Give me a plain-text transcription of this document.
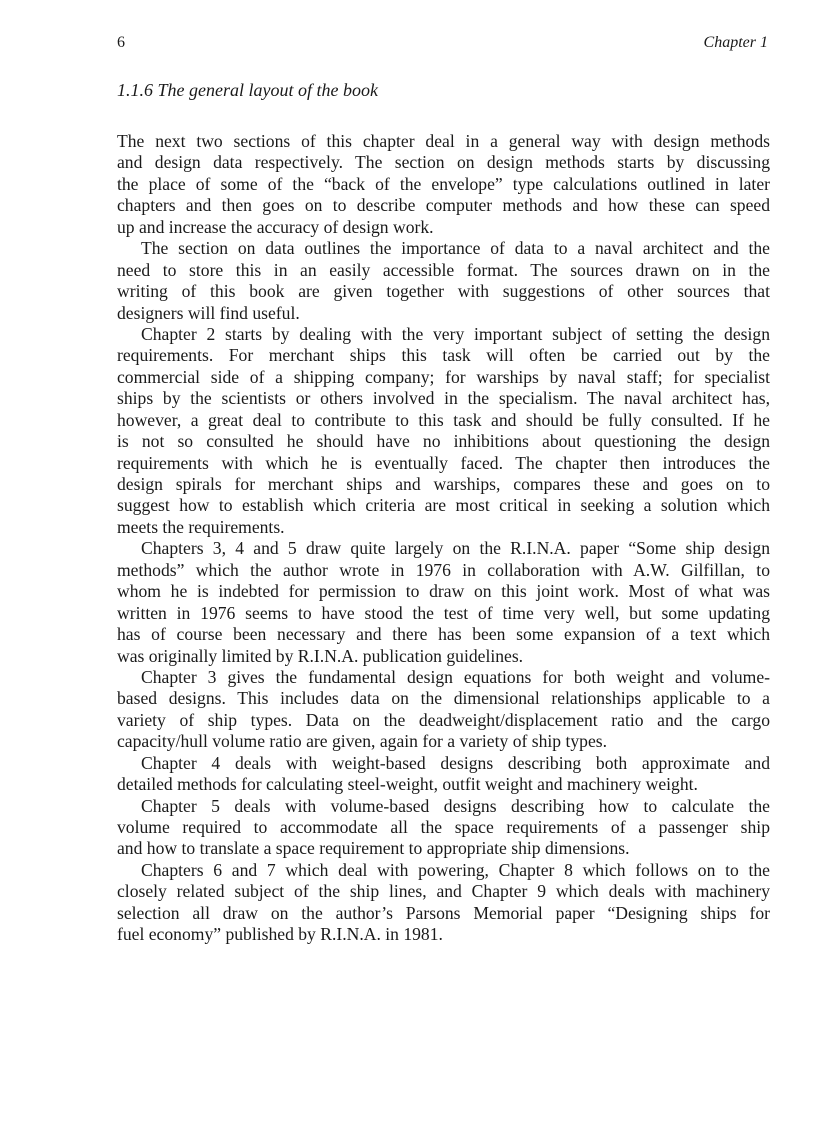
6	Chapter 1
1.1.6 The general layout of the book
The next two sections of this chapter deal in a general way with design methods
and design data respectively. The section on design methods starts by discussing
the place of some of the “back of the envelope” type calculations outlined in later
chapters and then goes on to describe computer methods and how these can speed
up and increase the accuracy of design work.
The section on data outlines the importance of data to a naval architect and the
need to store this in an easily accessible format. The sources drawn on in the
writing of this book are given together with suggestions of other sources that
designers will find useful.
Chapter 2 starts by dealing with the very important subject of setting the design
requirements. For merchant ships this task will often be carried out by the
commercial side of a shipping company; for warships by naval staff; for specialist
ships by the scientists or others involved in the specialism. The naval architect has,
however, a great deal to contribute to this task and should be fully consulted. If he
is not so consulted he should have no inhibitions about questioning the design
requirements with which he is eventually faced. The chapter then introduces the
design spirals for merchant ships and warships, compares these and goes on to
suggest how to establish which criteria are most critical in seeking a solution which
meets the requirements.
Chapters 3, 4 and 5 draw quite largely on the R.I.N.A. paper “Some ship design
methods” which the author wrote in 1976 in collaboration with A.W. Gilfillan, to
whom he is indebted for permission to draw on this joint work. Most of what was
written in 1976 seems to have stood the test of time very well, but some updating
has of course been necessary and there has been some expansion of a text which
was originally limited by R.I.N.A. publication guidelines.
Chapter 3 gives the fundamental design equations for both weight and volume-
based designs. This includes data on the dimensional relationships applicable to a
variety of ship types. Data on the deadweight/displacement ratio and the cargo
capacity/hull volume ratio are given, again for a variety of ship types.
Chapter 4 deals with weight-based designs describing both approximate and
detailed methods for calculating steel-weight, outfit weight and machinery weight.
Chapter 5 deals with volume-based designs describing how to calculate the
volume required to accommodate all the space requirements of a passenger ship
and how to translate a space requirement to appropriate ship dimensions.
Chapters 6 and 7 which deal with powering, Chapter 8 which follows on to the
closely related subject of the ship lines, and Chapter 9 which deals with machinery
selection all draw on the author’s Parsons Memorial paper “Designing ships for
fuel economy” published by R.I.N.A. in 1981.
